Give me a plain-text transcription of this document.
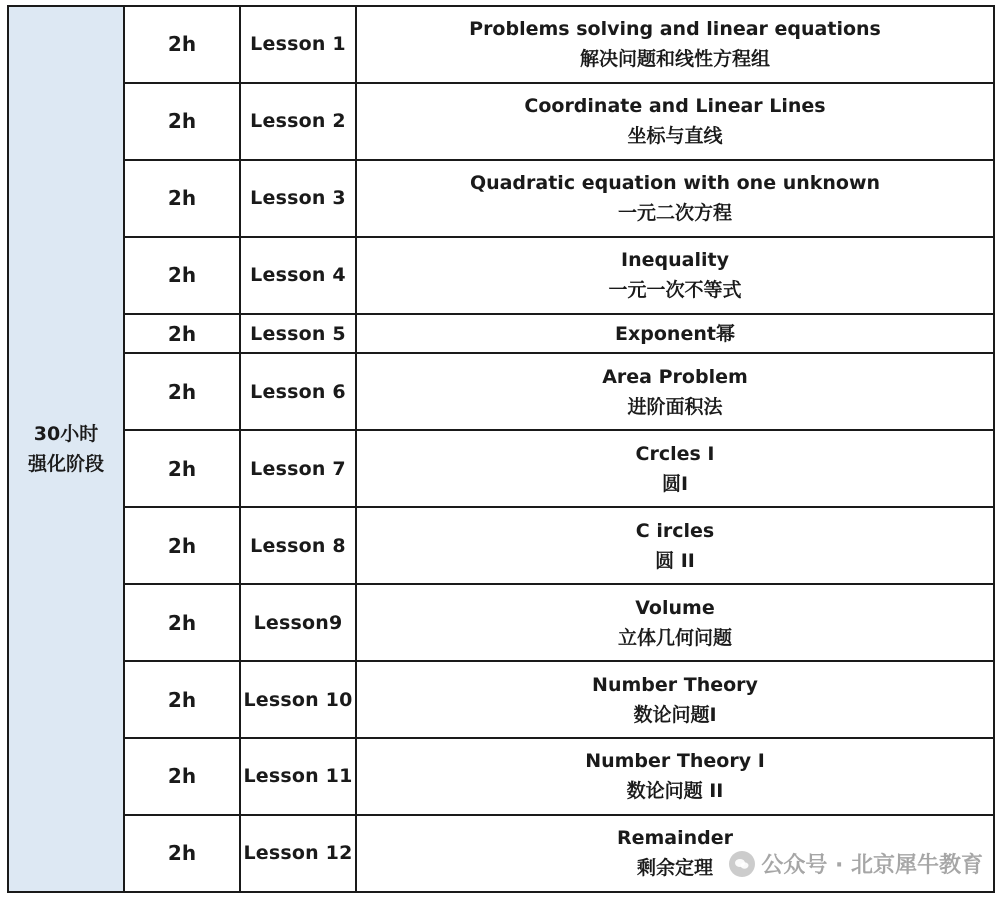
30小时
强化阶段	2h	Lesson 1	Problems solving and linear equations
解决问题和线性方程组

	2h	Lesson 2	Coordinate and Linear Lines
坐标与直线

	2h	Lesson 3	Quadratic equation with one unknown
一元二次方程

	2h	Lesson 4	Inequality
一元一次不等式

	2h	Lesson 5	Exponent幂

	2h	Lesson 6	Area Problem
进阶面积法

	2h	Lesson 7	Crcles I
圆I

	2h	Lesson 8	C ircles
圆 II

	2h	Lesson9	Volume
立体几何问题

	2h	Lesson 10	Number Theory
数论问题I

	2h	Lesson 11	Number Theory I
数论问题 II

	2h	Lesson 12	Remainder
剩余定理	公众号 · 北京犀牛教育
